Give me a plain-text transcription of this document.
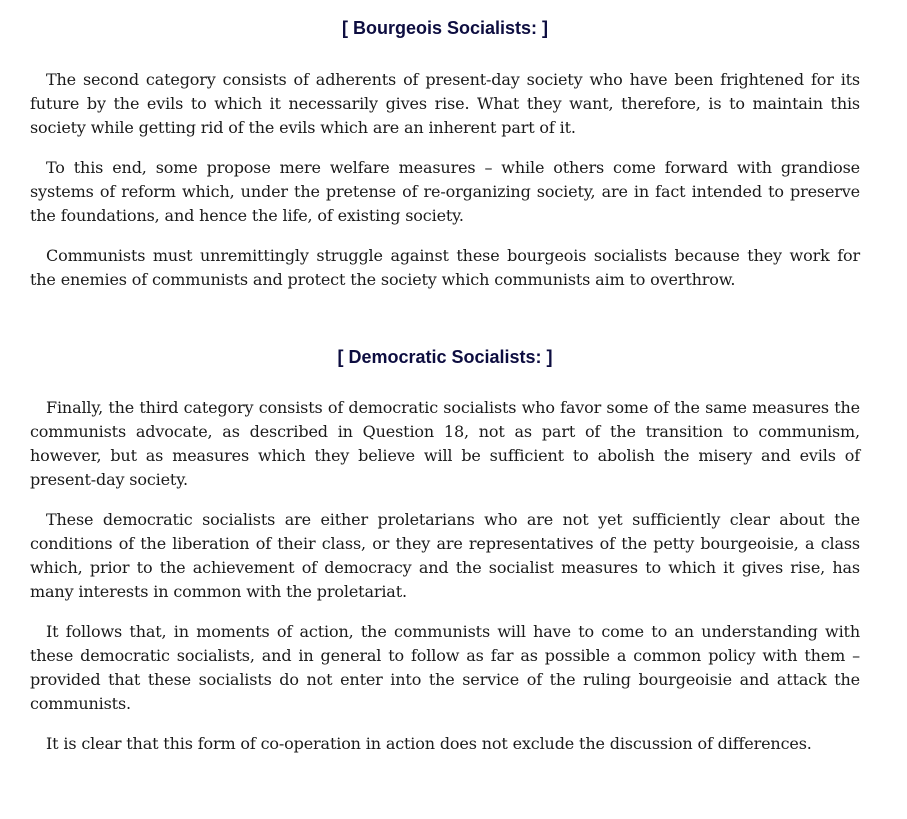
[ Bourgeois Socialists: ]

The second category consists of adherents of present-day society who have been frightened for its future by the evils to which it necessarily gives rise. What they want, therefore, is to maintain this society while getting rid of the evils which are an inherent part of it.

To this end, some propose mere welfare measures – while others come forward with grandiose systems of reform which, under the pretense of re-organizing society, are in fact intended to preserve the foundations, and hence the life, of existing society.

Communists must unremittingly struggle against these bourgeois socialists because they work for the enemies of communists and protect the society which communists aim to overthrow.

[ Democratic Socialists: ]

Finally, the third category consists of democratic socialists who favor some of the same measures the communists advocate, as described in Question 18, not as part of the transition to communism, however, but as measures which they believe will be sufficient to abolish the misery and evils of present-day society.

These democratic socialists are either proletarians who are not yet sufficiently clear about the conditions of the liberation of their class, or they are representatives of the petty bourgeoisie, a class which, prior to the achievement of democracy and the socialist measures to which it gives rise, has many interests in common with the proletariat.

It follows that, in moments of action, the communists will have to come to an understanding with these democratic socialists, and in general to follow as far as possible a common policy with them – provided that these socialists do not enter into the service of the ruling bourgeoisie and attack the communists.

It is clear that this form of co-operation in action does not exclude the discussion of differences.
